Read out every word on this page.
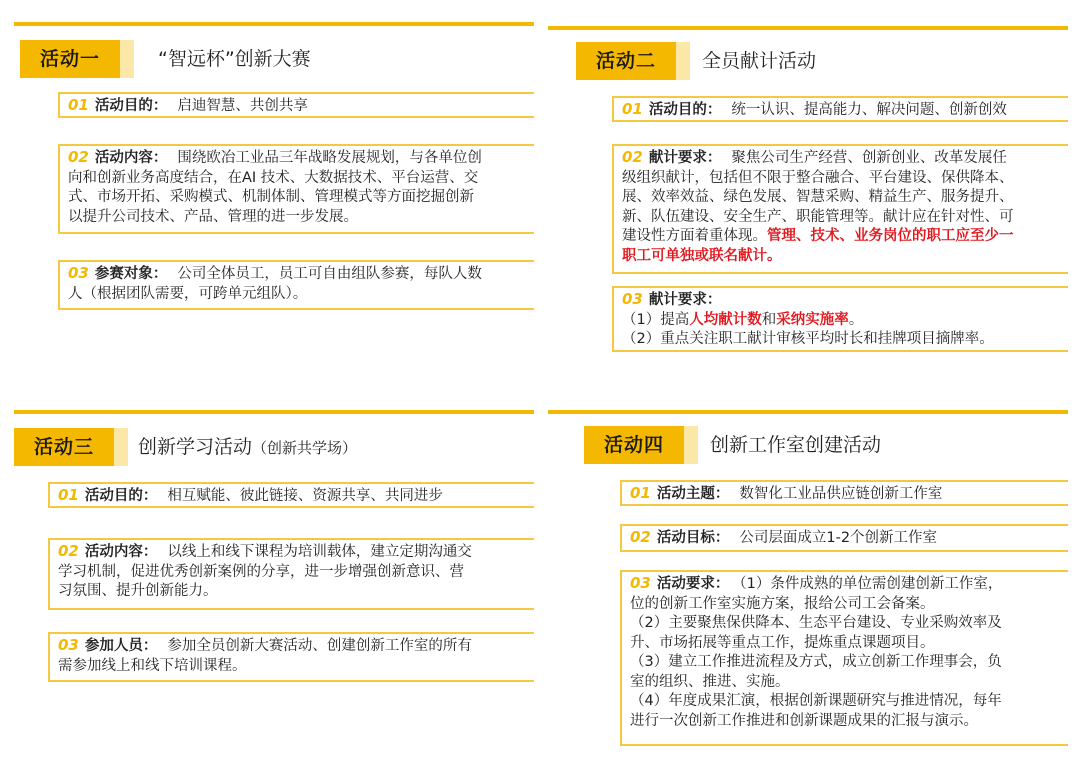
活动一	“智远杯”创新大赛
01 活动目的： 启迪智慧、共创共享
02 活动内容： 围绕欧冶工业品三年战略发展规划，与各单位创
向和创新业务高度结合，在AI 技术、大数据技术、平台运营、交
式、市场开拓、采购模式、机制体制、管理模式等方面挖掘创新
以提升公司技术、产品、管理的进一步发展。
03 参赛对象： 公司全体员工，员工可自由组队参赛，每队人数
人（根据团队需要，可跨单元组队）。
活动二	全员献计活动
01 活动目的： 统一认识、提高能力、解决问题、创新创效
02 献计要求： 聚焦公司生产经营、创新创业、改革发展任
级组织献计，包括但不限于整合融合、平台建设、保供降本、
展、效率效益、绿色发展、智慧采购、精益生产、服务提升、
新、队伍建设、安全生产、职能管理等。献计应在针对性、可
建设性方面着重体现。管理、技术、业务岗位的职工应至少一
职工可单独或联名献计。
03 献计要求：
（1）提高人均献计数和采纳实施率。
（2）重点关注职工献计审核平均时长和挂牌项目摘牌率。
活动三	创新学习活动（创新共学场）
01 活动目的： 相互赋能、彼此链接、资源共享、共同进步
02 活动内容： 以线上和线下课程为培训载体，建立定期沟通交
学习机制，促进优秀创新案例的分享，进一步增强创新意识、营
习氛围、提升创新能力。
03 参加人员： 参加全员创新大赛活动、创建创新工作室的所有
需参加线上和线下培训课程。
活动四	创新工作室创建活动
01 活动主题： 数智化工业品供应链创新工作室
02 活动目标： 公司层面成立1-2个创新工作室
03 活动要求： （1）条件成熟的单位需创建创新工作室，
位的创新工作室实施方案，报给公司工会备案。
（2）主要聚焦保供降本、生态平台建设、专业采购效率及
升、市场拓展等重点工作，提炼重点课题项目。
（3）建立工作推进流程及方式，成立创新工作理事会，负
室的组织、推进、实施。
（4）年度成果汇演，根据创新课题研究与推进情况，每年
进行一次创新工作推进和创新课题成果的汇报与演示。
